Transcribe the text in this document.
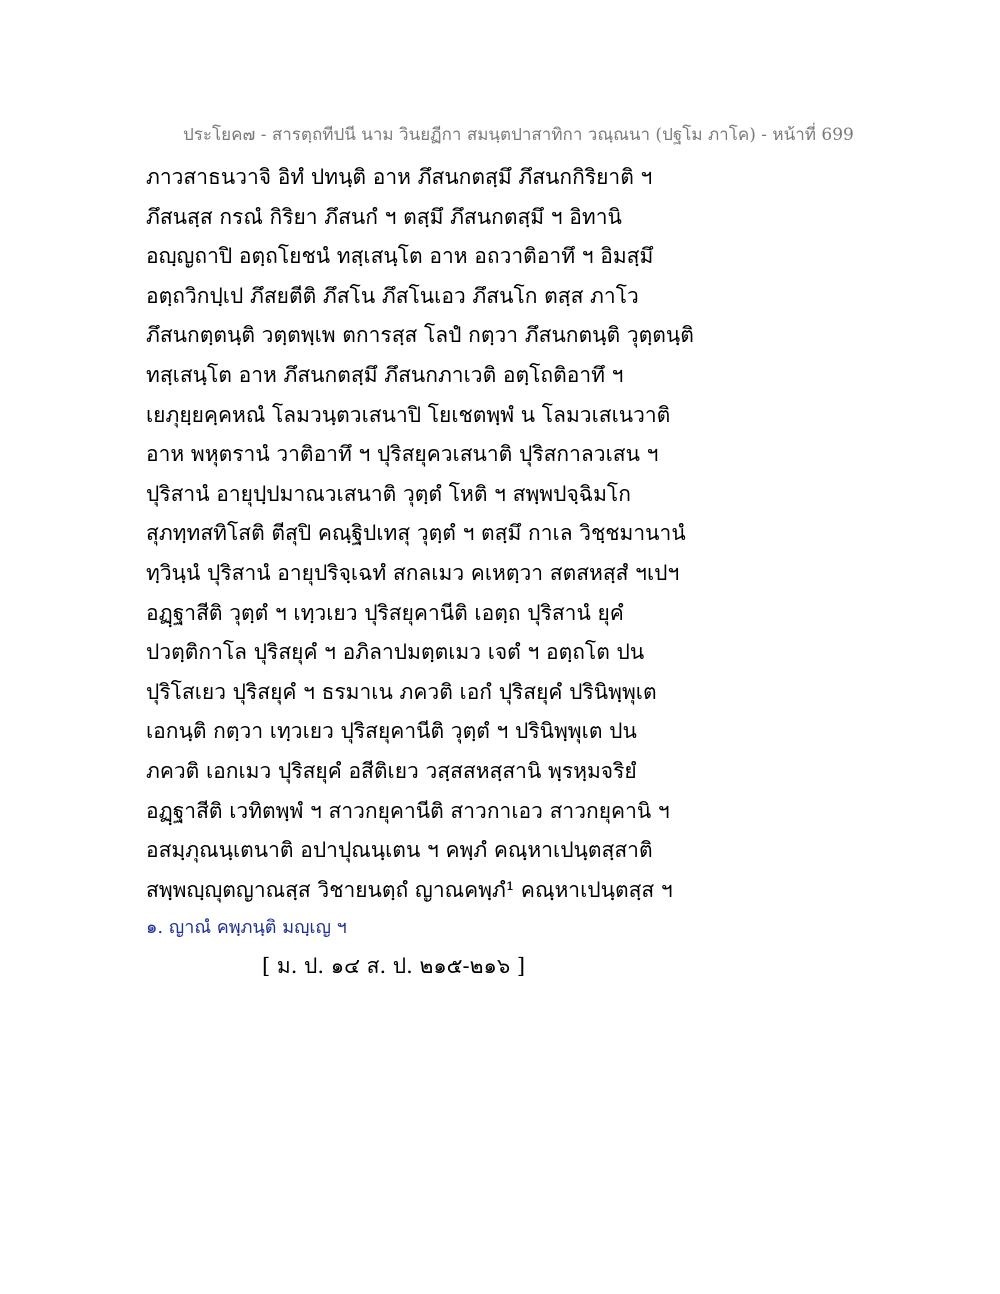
ประโยค๗ - สารตฺถทีปนี นาม วินยฏีกา สมนฺตปาสาทิกา วณฺณนา (ปฐโม ภาโค) - หน้าที่ 699
ภาวสาธนวาจิ อิทํ ปทนฺติ อาห ภึสนกตสฺมึ ภึสนกกิริยาติ ฯ
ภึสนสฺส กรณํ กิริยา ภึสนกํ ฯ ตสฺมึ ภึสนกตสฺมึ ฯ อิทานิ
อญฺญถาปิ อตฺถโยชนํ ทสฺเสนฺโต อาห อถวาติอาทึ ฯ อิมสฺมึ
อตฺถวิกปฺเป ภึสยตีติ ภึสโน ภึสโนเอว ภึสนโก ตสฺส ภาโว
ภึสนกตฺตนฺติ วตฺตพฺเพ ตการสฺส โลปํ กตฺวา ภึสนกตนฺติ วุตฺตนฺติ
ทสฺเสนฺโต อาห ภึสนกตสฺมึ ภึสนกภาเวติ อตฺโถติอาทึ ฯ
เยภุยฺยคฺคหณํ โลมวนฺตวเสนาปิ โยเชตพฺพํ น โลมวเสเนวาติ
อาห พหุตรานํ วาติอาทึ ฯ ปุริสยุควเสนาติ ปุริสกาลวเสน ฯ
ปุริสานํ อายุปฺปมาณวเสนาติ วุตฺตํ โหติ ฯ สพฺพปจฺฉิมโก
สุภทฺทสทิโสติ ตีสุปิ คณฺฐิปเทสุ วุตฺตํ ฯ ตสฺมึ กาเล วิชฺชมานานํ
ทฺวินฺนํ ปุริสานํ อายุปริจฺเฉทํ สกลเมว คเหตฺวา สตสหสฺสํ ฯเปฯ
อฏฺฐาสีติ วุตฺตํ ฯ เทฺวเยว ปุริสยุคานีติ เอตฺถ ปุริสานํ ยุคํ
ปวตฺติกาโล ปุริสยุคํ ฯ อภิลาปมตฺตเมว เจตํ ฯ อตฺถโต ปน
ปุริโสเยว ปุริสยุคํ ฯ ธรมาเน ภควติ เอกํ ปุริสยุคํ ปรินิพฺพุเต
เอกนฺติ กตฺวา เทฺวเยว ปุริสยุคานีติ วุตฺตํ ฯ ปรินิพฺพุเต ปน
ภควติ เอกเมว ปุริสยุคํ อสีติเยว วสฺสสหสฺสานิ พฺรหฺมจริยํ
อฏฺฐาสีติ เวทิตพฺพํ ฯ สาวกยุคานีติ สาวกาเอว สาวกยุคานิ ฯ
อสมฺภุณนฺเตนาติ อปาปุณนฺเตน ฯ คพฺภํ คณฺหาเปนฺตสฺสาติ
สพฺพญฺญุตญาณสฺส วิชายนตฺถํ ญาณคพฺภํ¹ คณฺหาเปนฺตสฺส ฯ
๑. ญาณํ คพฺภนฺติ มญฺเญ ฯ
[ ม. ป. ๑๔ ส. ป. ๒๑๕-๒๑๖ ]
